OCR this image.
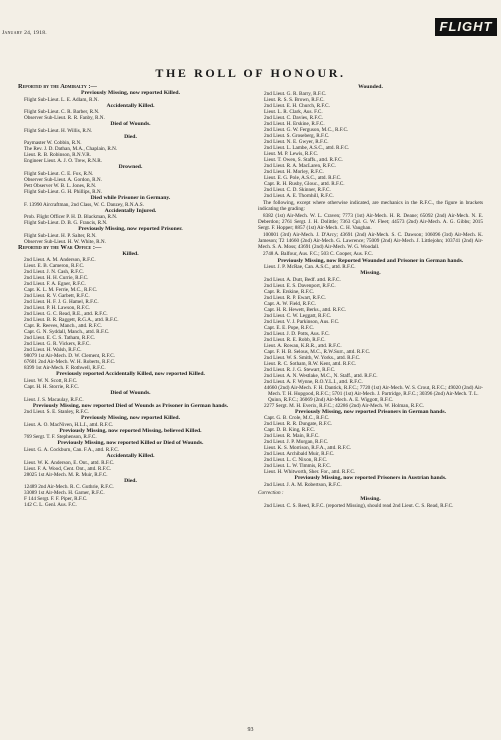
January 24, 1918.	FLIGHT
THE ROLL OF HONOUR.

Reported by the Admiralty :—

Previously Missing, now reported Killed.

Flight Sub-Lieut. L. E. Adlam, R.N.

Accidentally Killed.

Flight Sub-Lieut. C. R. Barber, R.N.

Observer Sub-Lieut. R. R. Fanby, R.N.

Died of Wounds.

Flight Sub-Lieut. H. Willis, R.N.

Died.

Paymaster W. Cobbin, R.N.

The Rev. J. D. Dathan, M.A., Chaplain, R.N.

Lieut. R. B. Robinson, R.N.V.R.

Engineer Lieut. A. J. O. Trew, R.N.R.

Drowned.

Flight Sub-Lieut. C. E. Fox, R.N.

Observer Sub-Lieut. A. Gordon, R.N.

Pett Observer W. B. L. Jones, R.N.

Flight Sub-Lieut. G. H. Phillips, R.N.

Died while Prisoner in Germany.

F. 13990 Aircraftman, 2nd Class, W. C. Danzey, R.N.A.S.

Accidentally Injured.

Prob. Flight Officer P. H. D. Blackman, R.N.

Flight Sub-Lieut. D. B. G. Francis, R.N.

Previously Missing, now reported Prisoner.

Flight Sub-Lieut. H. P. Salter, R.N.

Observer Sub-Lieut. H. W. White, R.N.

Reported by the War Office :—

Killed.

2nd Lieut. A. M. Anderson, R.F.C.

Lieut. E. B. Cameron, R.F.C.

2nd Lieut. J. N. Cash, R.F.C.

2nd Lieut. H. H. Currie, R.F.C.

2nd Lieut. F. A. Egner, R.F.C.

Capt. K. L. M. Ferrie, M.C., R.F.C.

2nd Lieut. R. V. Garbett, R.F.C.

2nd Lieut. H. F. J. G. Hamel, R.F.C.

2nd Lieut. P. H. Lawson, R.F.C.

2nd Lieut. G. C. Read, R.E., attd. R.F.C.

2nd Lieut. B. R. Raggett, R.G.A., attd. R.F.C.

Capt. R. Reeves, Manch., attd. R.F.C.

Capt. G. N. Syddall, Manch., attd. R.F.C.

2nd Lieut. E. C. S. Tatham, R.F.C.

2nd Lieut. G. R. Vickers, R.F.C.

2nd Lieut. H. Walsh, R.F.C.

98079 1st Air-Mech. D. W. Clement, R.F.C.

67601 2nd Air-Mech. W. H. Roberts, R.F.C.

8399 1st Air-Mech. F. Rothwell, R.F.C.

Previously reported Accidentally Killed, now reported Killed.

Lieut. W. N. Scott, R.F.C.

Capt. H. H. Storrie, R.F.C.

Died of Wounds.

Lieut. J. S. Macaulay, R.F.C.

Previously Missing, now reported Died of Wounds as Prisoner in German hands.

2nd Lieut. S. E. Stanley, R.F.C.

Previously Missing, now reported Killed.

Lieut. A. O. MacNiven, H.L.I., attd. R.F.C.

Previously Missing, now reported Missing, believed Killed.

769 Sergt. T. F. Stephenson, R.F.C.

Previously Missing, now reported Killed or Died of Wounds.

Lieut. G. A. Cockburn, Can. F.A., attd. R.F.C.

Accidentally Killed.

Lieut. W. K. Anderson, E. Ont., attd. R.F.C.

Lieut. F. A. Wood, Cent. Ont., attd. R.F.C.

28025 1st Air-Mech. M. R. Muir, R.F.C.

Died.

12489 2nd Air-Mech. R. C. Guthrie, R.F.C.

33089 1st Air-Mech. H. Garner, R.F.C.

F 144 Sergt. F. F. Piper, R.F.C.

142 C. L. Genl. Aus. F.C.

Wounded.

2nd Lieut. G. R. Barry, R.F.C.

Lieut. R. S. S. Brown, R.F.C.

2nd Lieut. E. H. Church, R.F.C.

Lieut. L. R. Clark, Aus. F.C.

2nd Lieut. C. Davies, R.F.C.

2nd Lieut. H. Erskine, R.F.C.

2nd Lieut. G. W. Ferguson, M.C., R.F.C.

2nd Lieut. S. Groseberg, R.F.C.

2nd Lieut. N. E. Gwyer, R.F.C.

2nd Lieut. L. Lambe, A.S.C., attd. R.F.C.

Lieut. M. P. Lewis, R.F.C.

Lieut. T. Owen, S. Staffs., attd. R.F.C.

2nd Lieut. R. A. MacLaren, R.F.C.

2nd Lieut. H. Morley, R.F.C.

Lieut. E. G. Pole, A.S.C., attd. R.F.C.

Capt. R. H. Rusby, Glouc., attd. R.F.C.

2nd Lieut. C. D. Skinner, R.F.C.

2nd Lieut. A. E. Thornhill, R.F.C.

The following, except where otherwise indicated, are mechanics in the R.F.C., the figure in brackets indicating the grading:

8382 (1st) Air-Mech. W. L. Craven; 7773 (1st) Air-Mech. H. R. Deane; 65092 (2nd) Air-Mech. N. E. Deberdon; 2761 Sergt. J. H. Dolittle; 7363 Cpl. G. W. Fleet; 44573 (2nd) Air-Mech. A. G. Gibbs; 2015 Sergt. F. Hopper; 8857 (1st) Air-Mech. C. H. Vaughan.

100001 (3rd) Air-Mech. J. D'Arcy; 43691 (2nd) Air-Mech. S. C. Dawson; 106096 (3rd) Air-Mech. K. Jameson; T2 14660 (2nd) Air-Mech. G. Lawrence; 75009 (2nd) Air-Mech. J. Littlejohn; 103741 (2nd) Air-Mech. S. A. Moss; 43691 (2nd) Air-Mech. W. G. Woodall.

2748 A. Balfour, Aus. F.C.; 503 C. Cooper, Aus. F.C.

Previously Missing, now Reported Wounded and Prisoner in German hands.

Lieut. J. P. McRae, Can. A.S.C., attd. R.F.C.

Missing.

2nd Lieut. A. Dutt, Bedf. attd. R.F.C.

2nd Lieut. E. S. Davenport, R.F.C.

Capt. R. Erskine, R.F.C.

2nd Lieut. R. P. Ewart, R.F.C.

Capt. A. W. Field, R.F.C.

Capt. H. R. Hewett, Berks., attd. R.F.C.

2nd Lieut. C. W. Leggatt, R.F.C.

2nd Lieut. V. J. Parkinson, Aus. F.C.

Capt. E. E. Pope, R.F.C.

2nd Lieut. J. D. Potts, Aus. F.C.

2nd Lieut. R. E. Robb, R.F.C.

Lieut. A. Rowan, K.R.R., attd. R.F.C.

Capt. F. H. B. Selous, M.C., R.W.Surr., attd. R.F.C.

2nd Lieut. W. S. Smith, W. Yorks., attd. R.F.C.

Lieut. R. C. Sotham, R.W. Kent, attd. R.F.C.

2nd Lieut. R. J. G. Stewart, R.F.C.

2nd Lieut. A. N. Westlake, M.C., N. Staff., attd. R.F.C.

2nd Lieut. A. F. Wynne, R.O.Y.L.I., attd. R.F.C.

44660 (2nd) Air-Mech. F. H. Dantick, R.F.C.; 7720 (1st) Air-Mech. W. S. Crout, R.F.C.; 49020 (2nd) Air-Mech. T. H. Hopgood, R.F.C.; 5701 (1st) Air-Mech. J. Partridge, R.F.C.; 30396 (2nd) Air-Mech. T. L. Quinn, R.F.C.; 36069 (2nd) Air-Mech. A. E. Wiggott, R.F.C.

2277 Sergt. M. H. Everix, R.F.C.; 42286 (2nd) Air-Mech. W. Holman, R.F.C.

Previously Missing, now reported Prisoners in German hands.

Capt. G. B. Crole, M.C., R.F.C.

2nd Lieut. R. R. Dungate, R.F.C.

Capt. D. B. King, R.F.C.

2nd Lieut. R. Main, R.F.C.

2nd Lieut. J. P. Morgan, R.F.C.

Lieut. K. S. Morrison, R.F.A., attd. R.F.C.

2nd Lieut. Archibald Muir, R.F.C.

2nd Lieut. L. C. Nixon, R.F.C.

2nd Lieut. L. W. Timmis, R.F.C.

Lieut. H. Whitworth, Sher. For., attd. R.F.C.

Previously Missing, now reported Prisoners in Austrian hands.

2nd Lieut. J. A. M. Robertson, R.F.C.

Correction :

Missing.

2nd Lieut. C. S. Reed, R.F.C. (reported Missing), should read 2nd Lieut. C. S. Read, R.F.C.

93
